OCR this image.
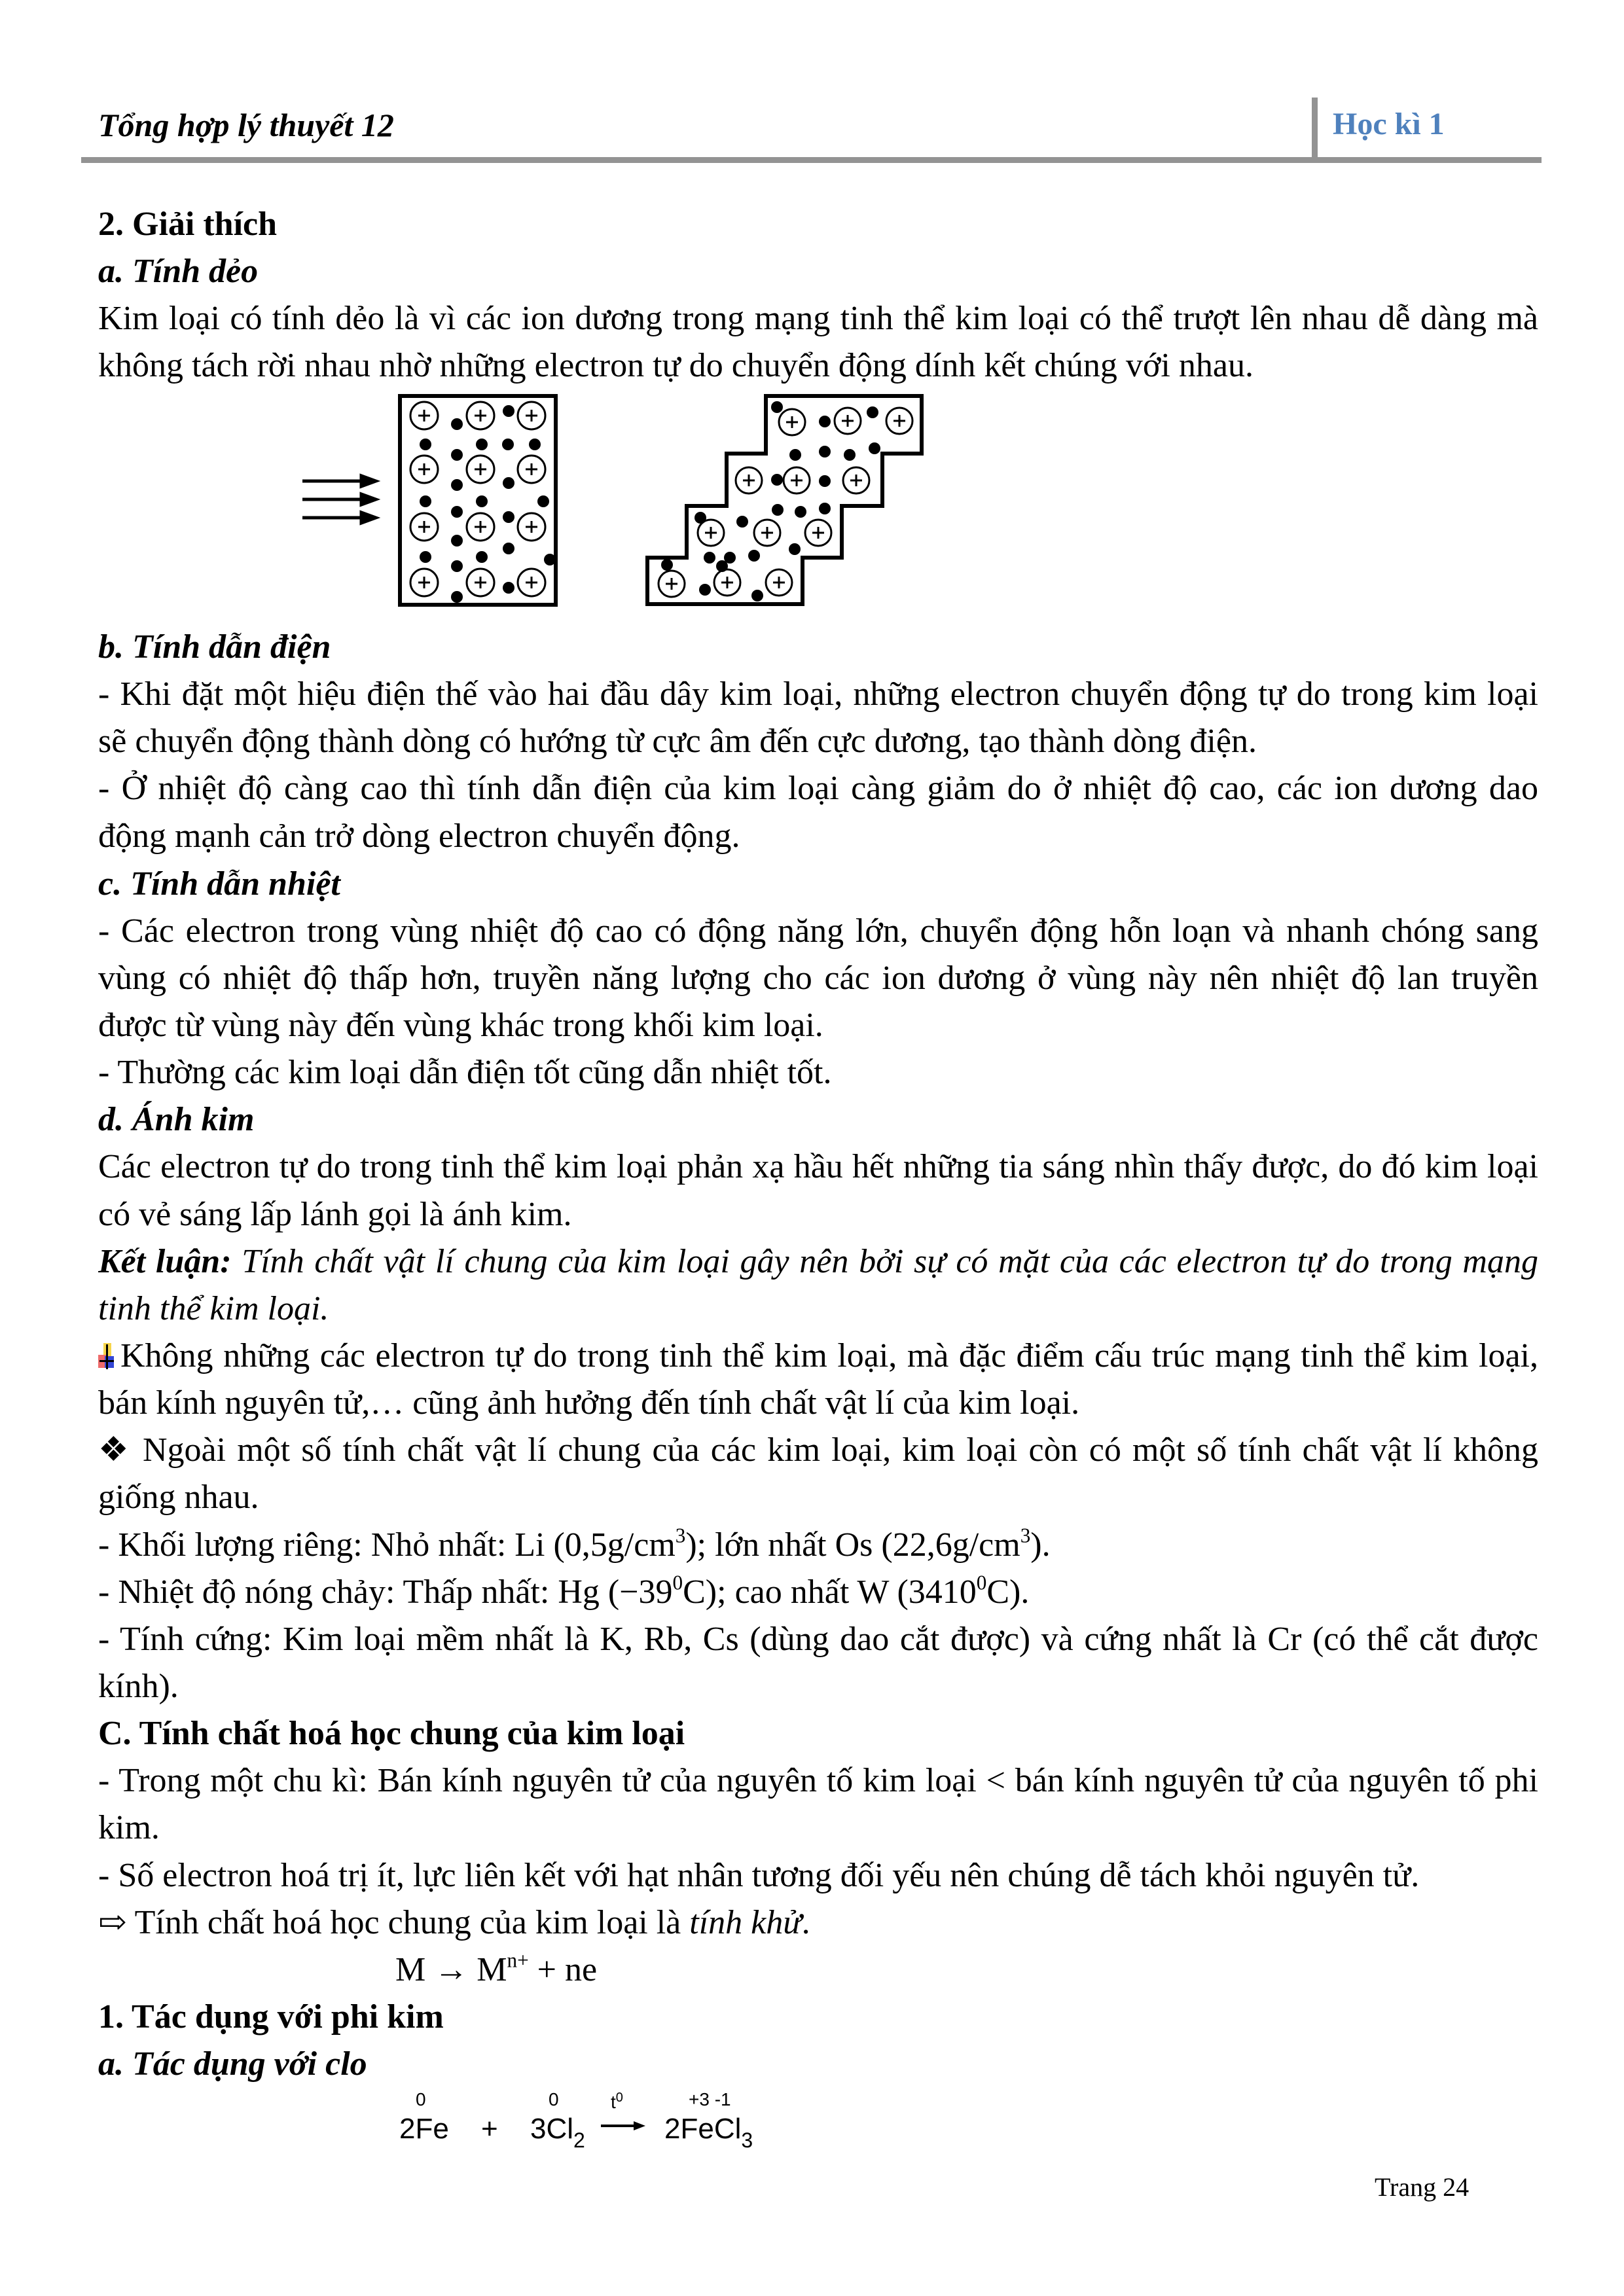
Tổng hợp lý thuyết 12	Học kì 1
2. Giải thích
a. Tính dẻo
Kim loại có tính dẻo là vì các ion dương trong mạng tinh thể kim loại có thể trượt lên nhau dễ dàng mà
không tách rời nhau nhờ những electron tự do chuyển động dính kết chúng với nhau.
b. Tính dẫn điện
- Khi đặt một hiệu điện thế vào hai đầu dây kim loại, những electron chuyển động tự do trong kim loại
sẽ chuyển động thành dòng có hướng từ cực âm đến cực dương, tạo thành dòng điện.
- Ở nhiệt độ càng cao thì tính dẫn điện của kim loại càng giảm do ở nhiệt độ cao, các ion dương dao
động mạnh cản trở dòng electron chuyển động.
c. Tính dẫn nhiệt
- Các electron trong vùng nhiệt độ cao có động năng lớn, chuyển động hỗn loạn và nhanh chóng sang
vùng có nhiệt độ thấp hơn, truyền năng lượng cho các ion dương ở vùng này nên nhiệt độ lan truyền
được từ vùng này đến vùng khác trong khối kim loại.
- Thường các kim loại dẫn điện tốt cũng dẫn nhiệt tốt.
d. Ánh kim
Các electron tự do trong tinh thể kim loại phản xạ hầu hết những tia sáng nhìn thấy được, do đó kim loại
có vẻ sáng lấp lánh gọi là ánh kim.
Kết luận: Tính chất vật lí chung của kim loại gây nên bởi sự có mặt của các electron tự do trong mạng
tinh thể kim loại.
Không những các electron tự do trong tinh thể kim loại, mà đặc điểm cấu trúc mạng tinh thể kim loại,
bán kính nguyên tử,… cũng ảnh hưởng đến tính chất vật lí của kim loại.
❖ Ngoài một số tính chất vật lí chung của các kim loại, kim loại còn có một số tính chất vật lí không
giống nhau.
- Khối lượng riêng: Nhỏ nhất: Li $(0,5g/cm^3)$; lớn nhất Os $(22,6g/cm^3)$.
- Nhiệt độ nóng chảy: Thấp nhất: Hg $(-39^0C)$; cao nhất W (3410$^0$C).
- Tính cứng: Kim loại mềm nhất là K, Rb, Cs (dùng dao cắt được) và cứng nhất là Cr (có thể cắt được
kính).
C. Tính chất hoá học chung của kim loại
- Trong một chu kì: Bán kính nguyên tử của nguyên tố kim loại < bán kính nguyên tử của nguyên tố phi
kim.
- Số electron hoá trị ít, lực liên kết với hạt nhân tương đối yếu nên chúng dễ tách khỏi nguyên tử.
⇨ Tính chất hoá học chung của kim loại là tính khử.
$M \to M^{n+}$ + ne
1. Tác dụng với phi kim
a. Tác dụng với clo
0
2Fe +
0
$3Cl_2$
$t^0$	+3 -1
2FeCl$_3$
Trang 24
